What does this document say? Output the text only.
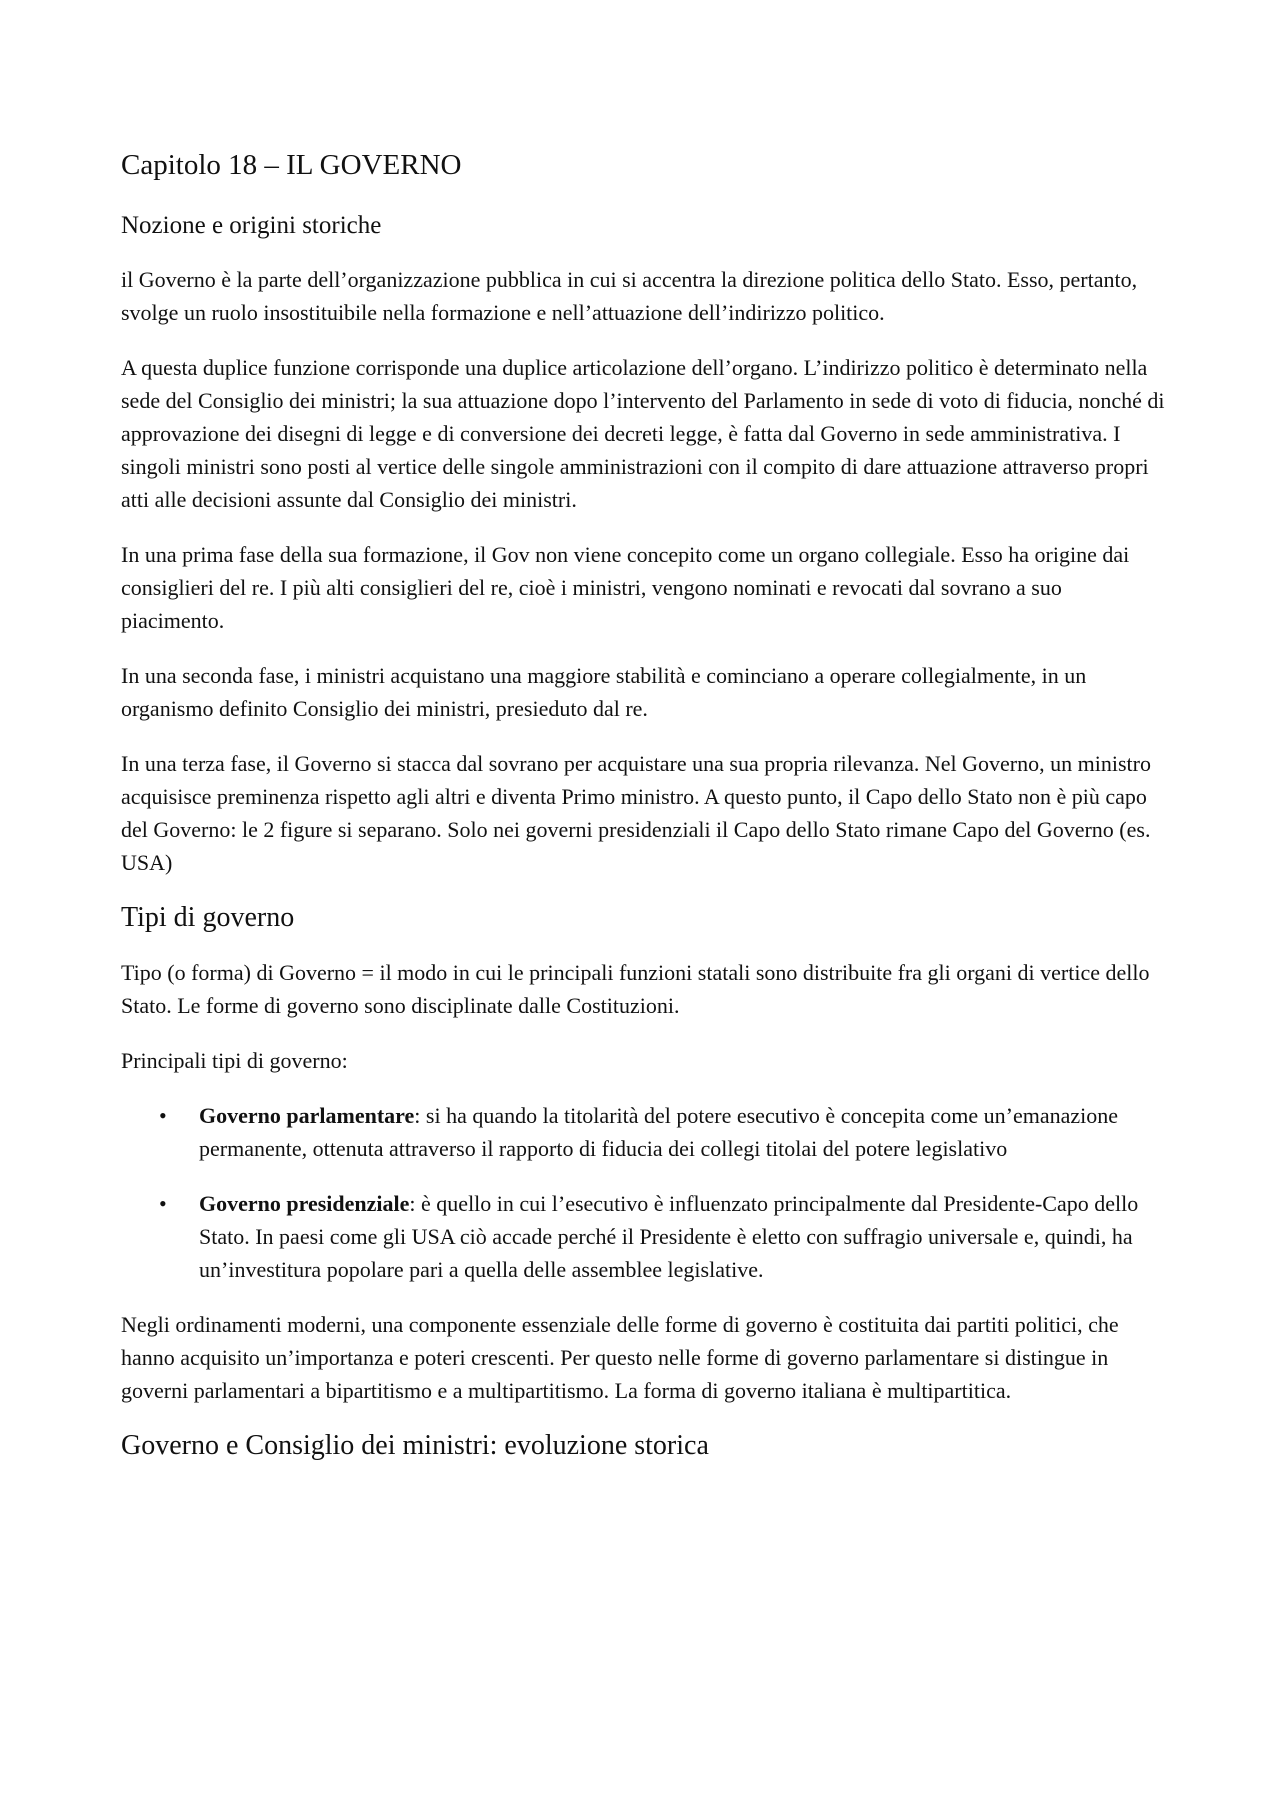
Capitolo 18 – IL GOVERNO
Nozione e origini storiche

il Governo è la parte dell’organizzazione pubblica in cui si accentra la direzione politica dello Stato. Esso, pertanto, svolge un ruolo insostituibile nella formazione e nell’attuazione dell’indirizzo politico.

A questa duplice funzione corrisponde una duplice articolazione dell’organo. L’indirizzo politico è determinato nella sede del Consiglio dei ministri; la sua attuazione dopo l’intervento del Parlamento in sede di voto di fiducia, nonché di approvazione dei disegni di legge e di conversione dei decreti legge, è fatta dal Governo in sede amministrativa. I singoli ministri sono posti al vertice delle singole amministrazioni con il compito di dare attuazione attraverso propri atti alle decisioni assunte dal Consiglio dei ministri.

In una prima fase della sua formazione, il Gov non viene concepito come un organo collegiale. Esso ha origine dai consiglieri del re. I più alti consiglieri del re, cioè i ministri, vengono nominati e revocati dal sovrano a suo piacimento.

In una seconda fase, i ministri acquistano una maggiore stabilità e cominciano a operare collegialmente, in un organismo definito Consiglio dei ministri, presieduto dal re.

In una terza fase, il Governo si stacca dal sovrano per acquistare una sua propria rilevanza. Nel Governo, un ministro acquisisce preminenza rispetto agli altri e diventa Primo ministro. A questo punto, il Capo dello Stato non è più capo del Governo: le 2 figure si separano. Solo nei governi presidenziali il Capo dello Stato rimane Capo del Governo (es. USA)

Tipi di governo

Tipo (o forma) di Governo = il modo in cui le principali funzioni statali sono distribuite fra gli organi di vertice dello Stato. Le forme di governo sono disciplinate dalle Costituzioni.

Principali tipi di governo:

• Governo parlamentare: si ha quando la titolarità del potere esecutivo è concepita come un’emanazione permanente, ottenuta attraverso il rapporto di fiducia dei collegi titolai del potere legislativo
• Governo presidenziale: è quello in cui l’esecutivo è influenzato principalmente dal Presidente-Capo dello Stato. In paesi come gli USA ciò accade perché il Presidente è eletto con suffragio universale e, quindi, ha un’investitura popolare pari a quella delle assemblee legislative.

Negli ordinamenti moderni, una componente essenziale delle forme di governo è costituita dai partiti politici, che hanno acquisito un’importanza e poteri crescenti. Per questo nelle forme di governo parlamentare si distingue in governi parlamentari a bipartitismo e a multipartitismo. La forma di governo italiana è multipartitica.

Governo e Consiglio dei ministri: evoluzione storica
